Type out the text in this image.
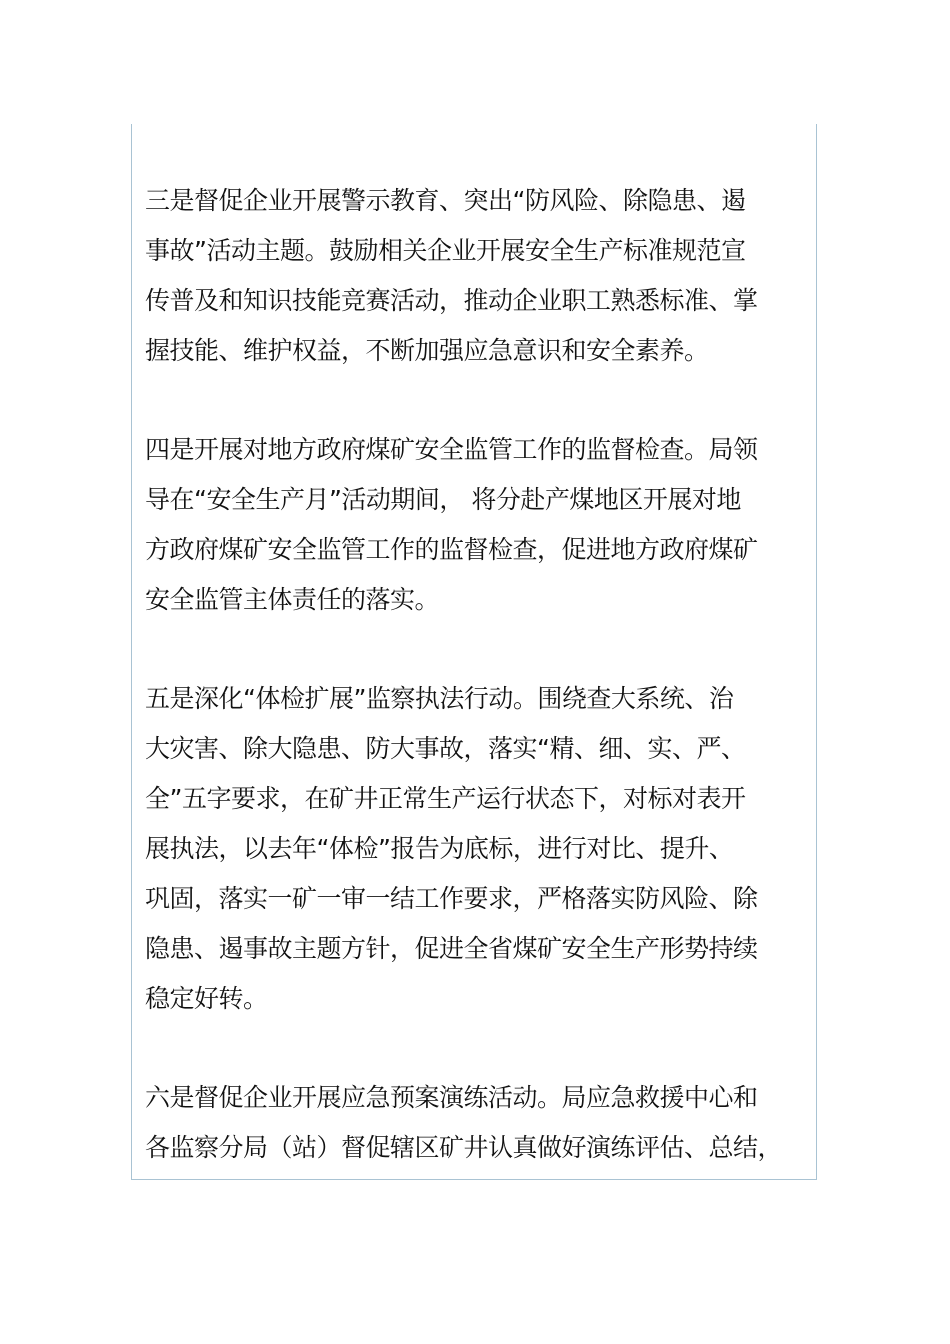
三是督促企业开展警示教育、突出“防风险、除隐患、遏
事故”活动主题。鼓励相关企业开展安全生产标准规范宣
传普及和知识技能竞赛活动，推动企业职工熟悉标准、掌
握技能、维护权益，不断加强应急意识和安全素养。

四是开展对地方政府煤矿安全监管工作的监督检查。局领
导在“安全生产月”活动期间， 将分赴产煤地区开展对地
方政府煤矿安全监管工作的监督检查，促进地方政府煤矿
安全监管主体责任的落实。

五是深化“体检扩展”监察执法行动。围绕查大系统、治
大灾害、除大隐患、防大事故，落实“精、细、实、严、
全”五字要求，在矿井正常生产运行状态下，对标对表开
展执法，以去年“体检”报告为底标，进行对比、提升、
巩固，落实一矿一审一结工作要求，严格落实防风险、除
隐患、遏事故主题方针，促进全省煤矿安全生产形势持续
稳定好转。

六是督促企业开展应急预案演练活动。局应急救援中心和
各监察分局（站）督促辖区矿井认真做好演练评估、总结，
